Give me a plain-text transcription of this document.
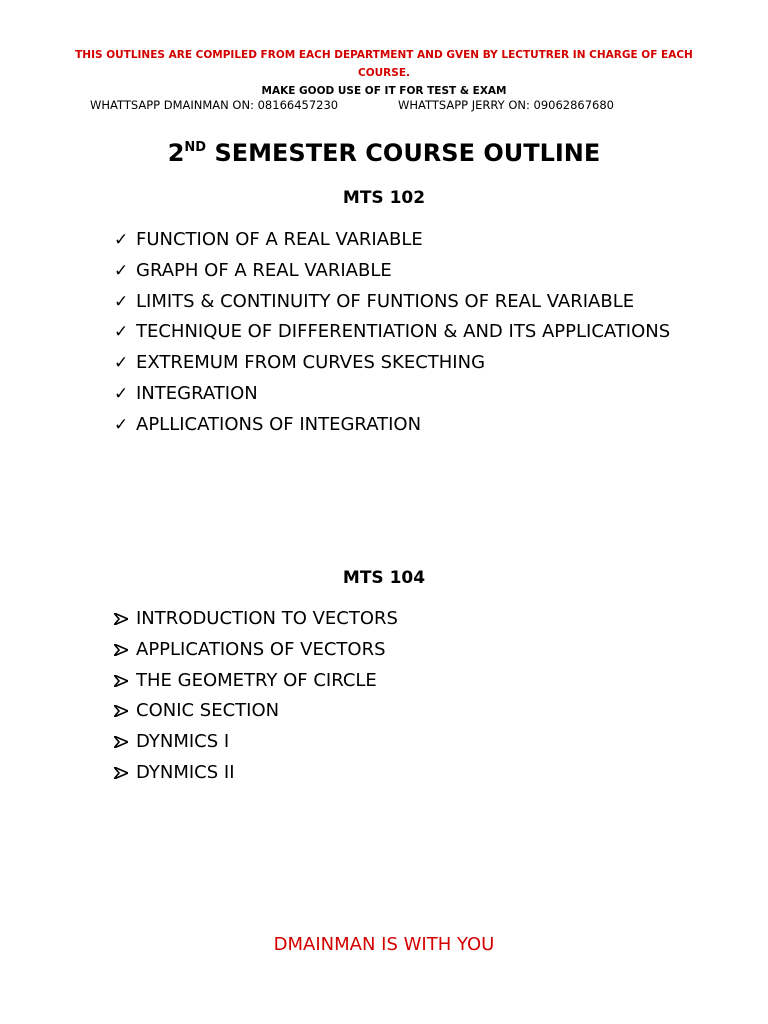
THIS OUTLINES ARE COMPILED FROM EACH DEPARTMENT AND GVEN BY LECTUTRER IN CHARGE OF EACH COURSE.
MAKE GOOD USE OF IT FOR TEST & EXAM
WHATTSAPP DMAINMAN ON: 08166457230	WHATTSAPP JERRY ON: 09062867680
2ND SEMESTER COURSE OUTLINE
MTS 102
✓ FUNCTION OF A REAL VARIABLE
✓ GRAPH OF A REAL VARIABLE
✓ LIMITS & CONTINUITY OF FUNTIONS OF REAL VARIABLE
✓ TECHNIQUE OF DIFFERENTIATION & AND ITS APPLICATIONS
✓ EXTREMUM FROM CURVES SKECTHING
✓ INTEGRATION
✓ APLLICATIONS OF INTEGRATION
MTS 104
INTRODUCTION TO VECTORS
APPLICATIONS OF VECTORS
THE GEOMETRY OF CIRCLE
CONIC SECTION
DYNMICS I
DYNMICS II
DMAINMAN IS WITH YOU
